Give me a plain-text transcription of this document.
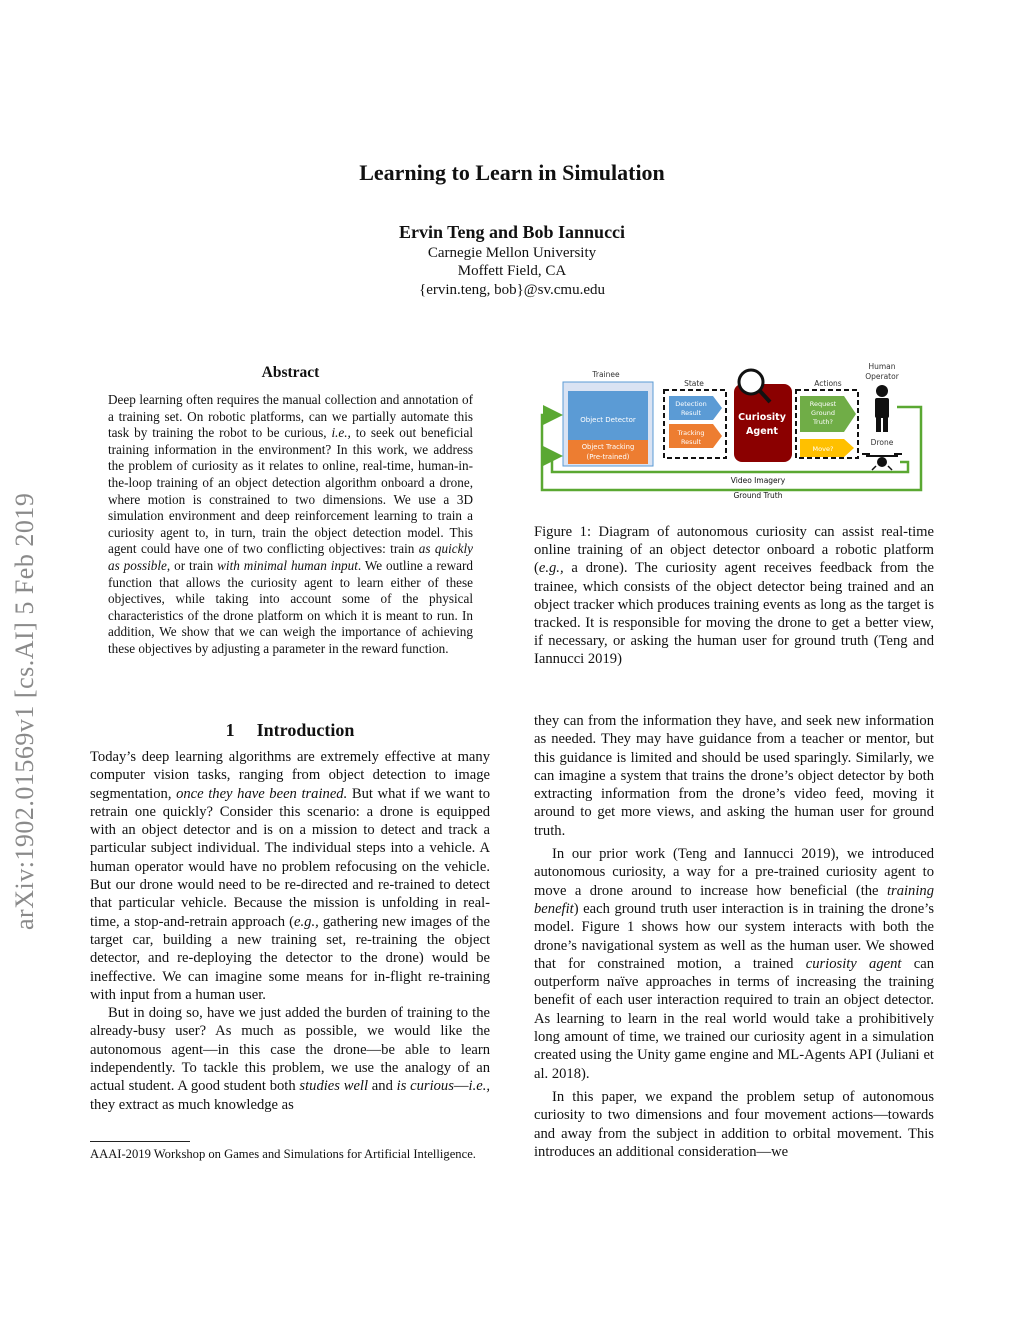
arXiv:1902.01569v1 [cs.AI] 5 Feb 2019
Learning to Learn in Simulation
Ervin Teng and Bob Iannucci
Carnegie Mellon University
Moffett Field, CA
{ervin.teng, bob}@sv.cmu.edu
Abstract
Deep learning often requires the manual collection and annotation of a training set. On robotic platforms, can we partially automate this task by training the robot to be curious, i.e., to seek out beneficial training information in the environment? In this work, we address the problem of curiosity as it relates to online, real-time, human-in-the-loop training of an object detection algorithm onboard a drone, where motion is constrained to two dimensions. We use a 3D simulation environment and deep reinforcement learning to train a curiosity agent to, in turn, train the object detection model. This agent could have one of two conflicting objectives: train as quickly as possible, or train with minimal human input. We outline a reward function that allows the curiosity agent to learn either of these objectives, while taking into account some of the physical characteristics of the drone platform on which it is meant to run. In addition, We show that we can weigh the importance of achieving these objectives by adjusting a parameter in the reward function.
1 Introduction

Today’s deep learning algorithms are extremely effective at many computer vision tasks, ranging from object detection to image segmentation, once they have been trained. But what if we want to retrain one quickly? Consider this scenario: a drone is equipped with an object detector and is on a mission to detect and track a particular subject individual. The individual steps into a vehicle. A human operator would have no problem refocusing on the vehicle. But our drone would need to be re-directed and re-trained to detect that particular vehicle. Because the mission is unfolding in real-time, a stop-and-retrain approach (e.g., gathering new images of the target car, building a new training set, re-training the object detector, and re-deploying the detector to the drone) would be ineffective. We can imagine some means for in-flight re-training with input from a human user.

But in doing so, have we just added the burden of training to the already-busy user? As much as possible, we would like the autonomous agent—in this case the drone—be able to learn independently. To tackle this problem, we use the analogy of an actual student. A good student both studies well and is curious—i.e., they extract as much knowledge as

AAAI-2019 Workshop on Games and Simulations for Artificial Intelligence.
Trainee
Object Detector
Object Tracking
(Pre-trained)
State
Detection
Result
Tracking
Result
Curiosity
Agent
Actions
Request
Ground
Truth?
Move?
Human
Operator
Drone
Video Imagery
Ground Truth
Figure 1: Diagram of autonomous curiosity can assist real-time online training of an object detector onboard a robotic platform (e.g., a drone). The curiosity agent receives feedback from the trainee, which consists of the object detector being trained and an object tracker which produces training events as long as the target is tracked. It is responsible for moving the drone to get a better view, if necessary, or asking the human user for ground truth (Teng and Iannucci 2019)

they can from the information they have, and seek new information as needed. They may have guidance from a teacher or mentor, but this guidance is limited and should be used sparingly. Similarly, we can imagine a system that trains the drone’s object detector by both extracting information from the drone’s video feed, moving it around to get more views, and asking the human user for ground truth.

In our prior work (Teng and Iannucci 2019), we introduced autonomous curiosity, a way for a pre-trained curiosity agent to move a drone around to increase how beneficial (the training benefit) each ground truth user interaction is in training the drone’s model. Figure 1 shows how our system interacts with both the drone’s navigational system as well as the human user. We showed that for constrained motion, a trained curiosity agent can outperform naïve approaches in terms of increasing the training benefit of each user interaction required to train an object detector. As learning to learn in the real world would take a prohibitively long amount of time, we trained our curiosity agent in a simulation created using the Unity game engine and ML-Agents API (Juliani et al. 2018).

In this paper, we expand the problem setup of autonomous curiosity to two dimensions and four movement actions—towards and away from the subject in addition to orbital movement. This introduces an additional consideration—we
